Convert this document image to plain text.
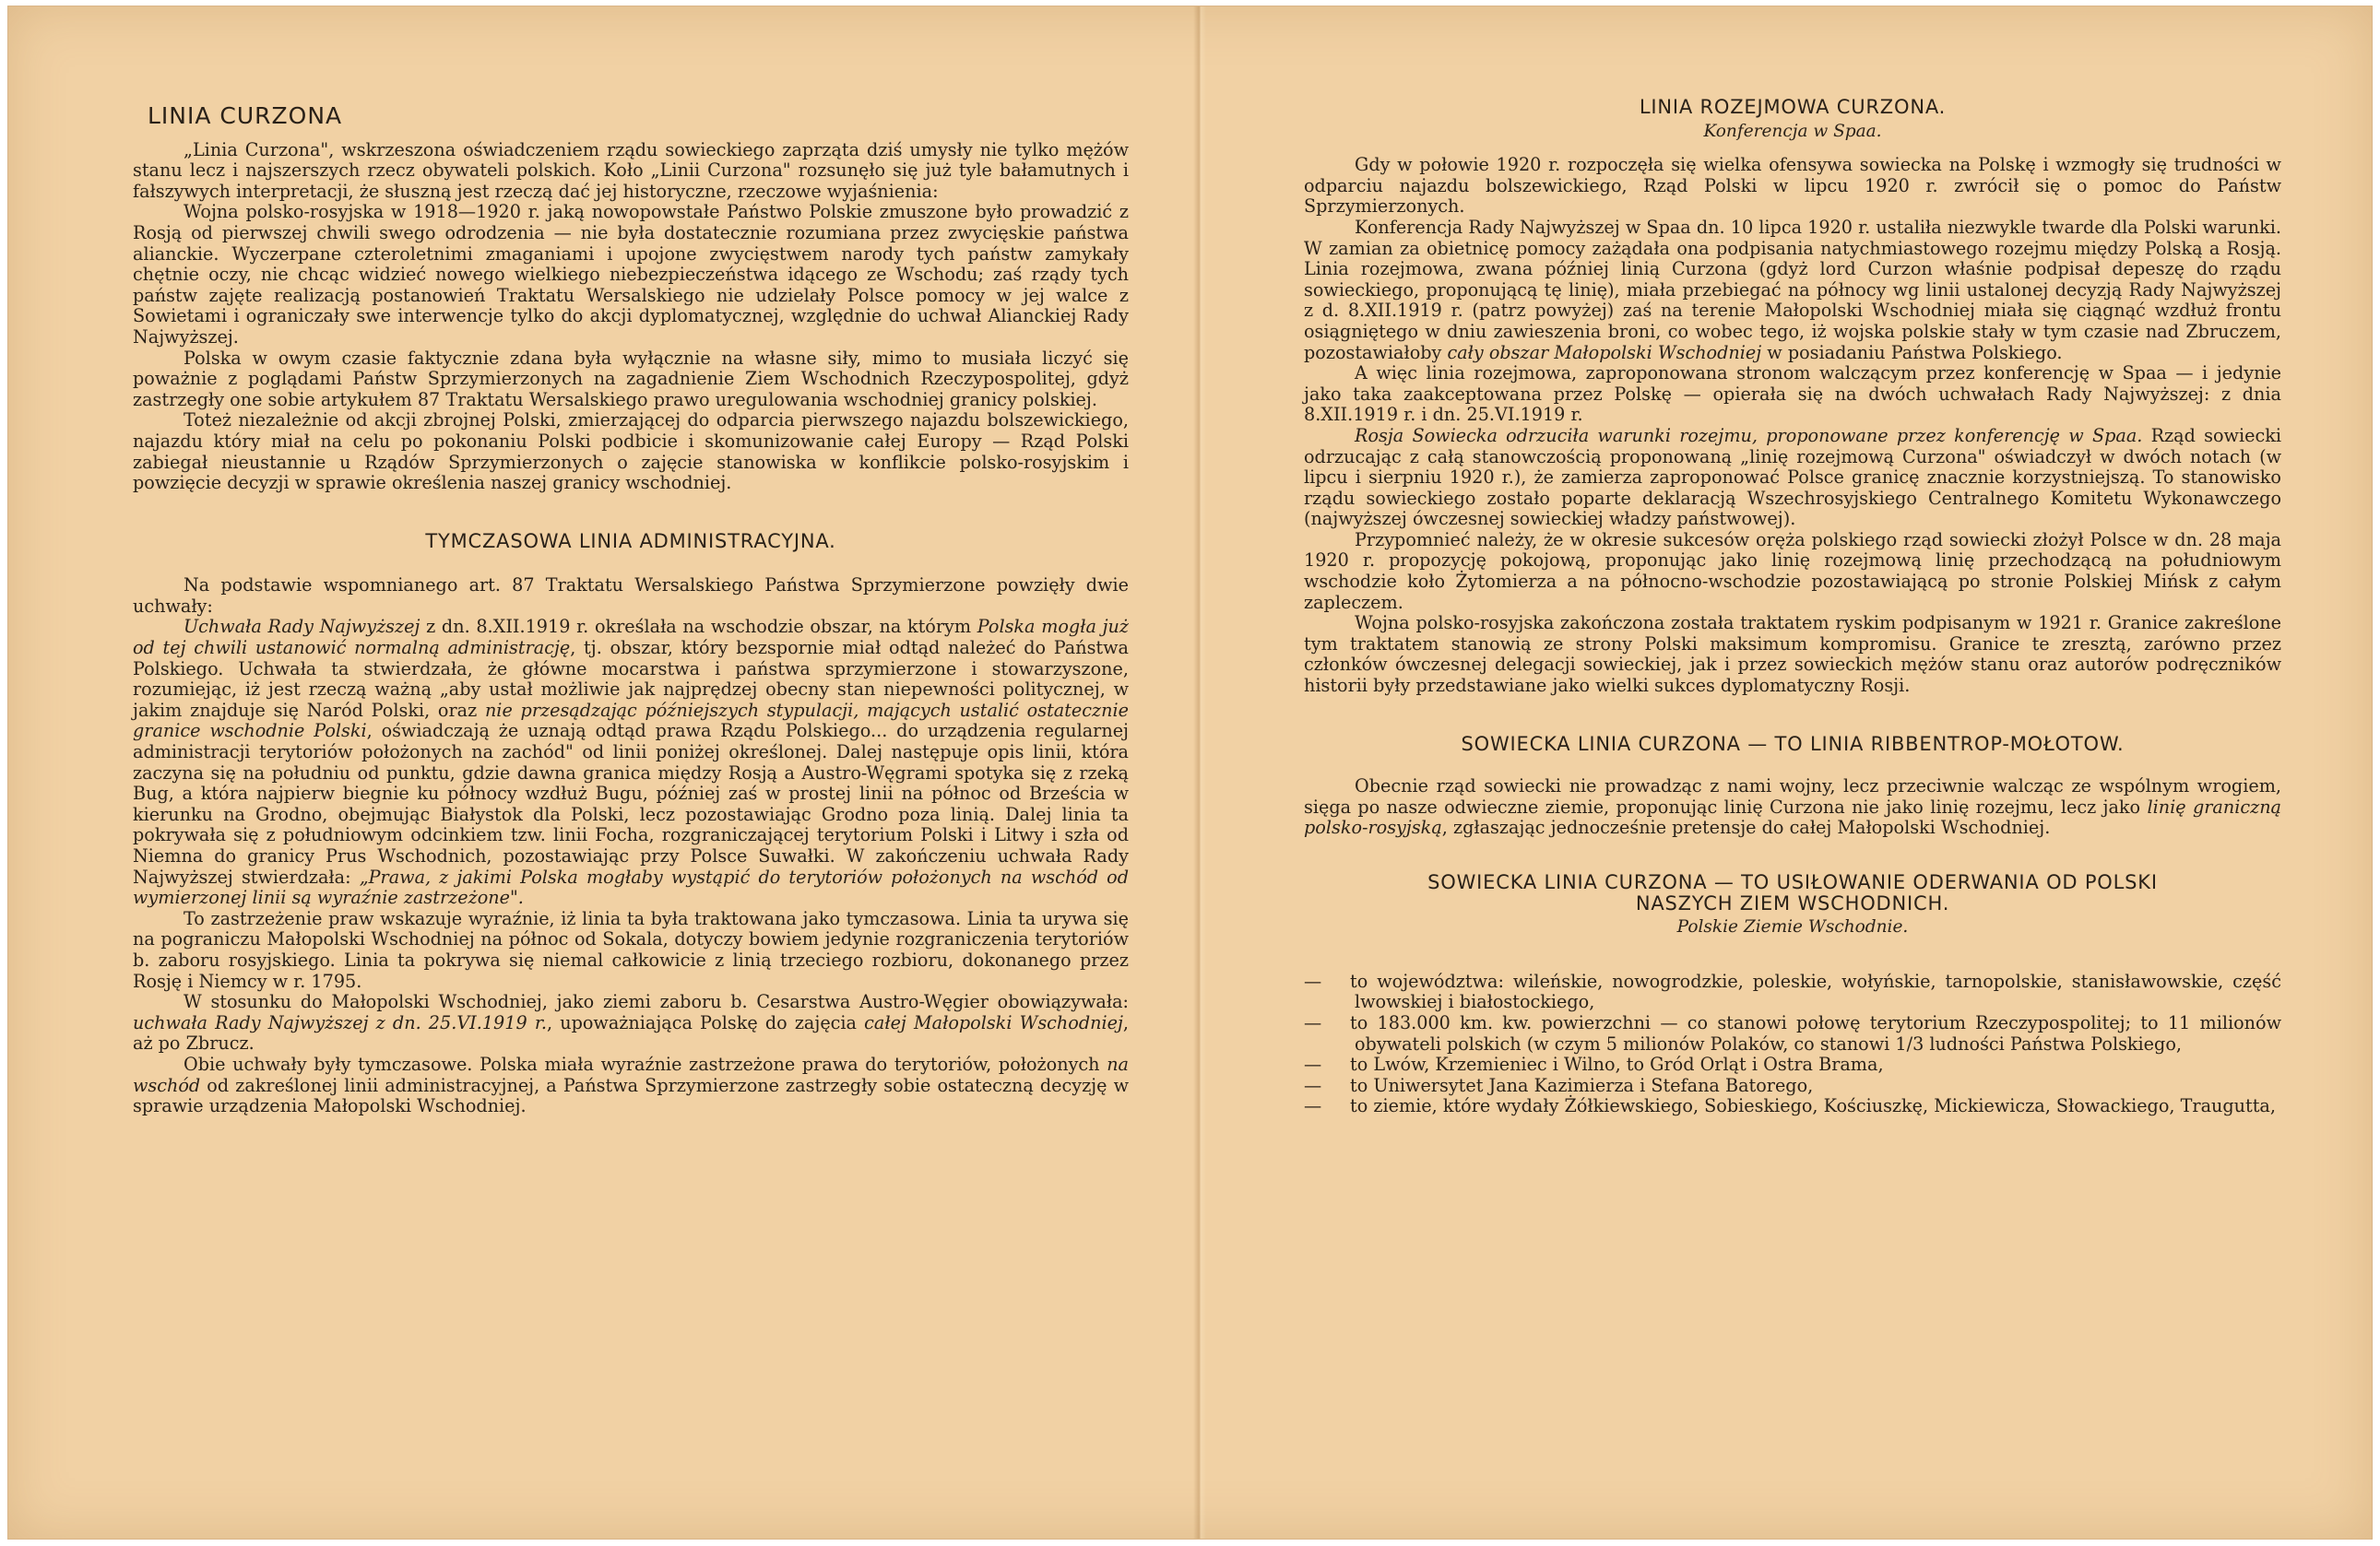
LINIA CURZONA

„Linia Curzona", wskrzeszona oświadczeniem rządu sowieckiego zaprząta dziś umysły nie tylko mężów stanu lecz i najszerszych rzecz obywateli polskich. Koło „Linii Curzona" rozsunęło się już tyle bałamutnych i fałszywych interpretacji, że słuszną jest rzeczą dać jej historyczne, rzeczowe wyjaśnienia:

Wojna polsko-rosyjska w 1918—1920 r. jaką nowopowstałe Państwo Polskie zmuszone było prowadzić z Rosją od pierwszej chwili swego odrodzenia — nie była dostatecznie rozumiana przez zwycięskie państwa alianckie. Wyczerpane czteroletnimi zmaganiami i upojone zwycięstwem narody tych państw zamykały chętnie oczy, nie chcąc widzieć nowego wielkiego niebezpieczeństwa idącego ze Wschodu; zaś rządy tych państw zajęte realizacją postanowień Traktatu Wersalskiego nie udzielały Polsce pomocy w jej walce z Sowietami i ograniczały swe interwencje tylko do akcji dyplomatycznej, względnie do uchwał Alianckiej Rady Najwyższej.

Polska w owym czasie faktycznie zdana była wyłącznie na własne siły, mimo to musiała liczyć się poważnie z poglądami Państw Sprzymierzonych na zagadnienie Ziem Wschodnich Rzeczypospolitej, gdyż zastrzegły one sobie artykułem 87 Traktatu Wersalskiego prawo uregulowania wschodniej granicy polskiej.

Toteż niezależnie od akcji zbrojnej Polski, zmierzającej do odparcia pierwszego najazdu bolszewickiego, najazdu który miał na celu po pokonaniu Polski podbicie i skomunizowanie całej Europy — Rząd Polski zabiegał nieustannie u Rządów Sprzymierzonych o zajęcie stanowiska w konflikcie polsko-rosyjskim i powzięcie decyzji w sprawie określenia naszej granicy wschodniej.

TYMCZASOWA LINIA ADMINISTRACYJNA.

Na podstawie wspomnianego art. 87 Traktatu Wersalskiego Państwa Sprzymierzone powzięły dwie uchwały:

Uchwała Rady Najwyższej z dn. 8.XII.1919 r. określała na wschodzie obszar, na którym Polska mogła już od tej chwili ustanowić normalną administrację, tj. obszar, który bezspornie miał odtąd należeć do Państwa Polskiego. Uchwała ta stwierdzała, że główne mocarstwa i państwa sprzymierzone i stowarzyszone, rozumiejąc, iż jest rzeczą ważną „aby ustał możliwie jak najprędzej obecny stan niepewności politycznej, w jakim znajduje się Naród Polski, oraz nie przesądzając późniejszych stypulacji, mających ustalić ostatecznie granice wschodnie Polski, oświadczają że uznają odtąd prawa Rządu Polskiego... do urządzenia regularnej administracji terytoriów położonych na zachód" od linii poniżej określonej. Dalej następuje opis linii, która zaczyna się na południu od punktu, gdzie dawna granica między Rosją a Austro-Węgrami spotyka się z rzeką Bug, a która najpierw biegnie ku północy wzdłuż Bugu, później zaś w prostej linii na północ od Brześcia w kierunku na Grodno, obejmując Białystok dla Polski, lecz pozostawiając Grodno poza linią. Dalej linia ta pokrywała się z południowym odcinkiem tzw. linii Focha, rozgraniczającej terytorium Polski i Litwy i szła od Niemna do granicy Prus Wschodnich, pozostawiając przy Polsce Suwałki. W zakończeniu uchwała Rady Najwyższej stwierdzała: „Prawa, z jakimi Polska mogłaby wystąpić do terytoriów położonych na wschód od wymierzonej linii są wyraźnie zastrzeżone".

To zastrzeżenie praw wskazuje wyraźnie, iż linia ta była traktowana jako tymczasowa. Linia ta urywa się na pograniczu Małopolski Wschodniej na północ od Sokala, dotyczy bowiem jedynie rozgraniczenia terytoriów b. zaboru rosyjskiego. Linia ta pokrywa się niemal całkowicie z linią trzeciego rozbioru, dokonanego przez Rosję i Niemcy w r. 1795.

W stosunku do Małopolski Wschodniej, jako ziemi zaboru b. Cesarstwa Austro-Węgier obowiązywała: uchwała Rady Najwyższej z dn. 25.VI.1919 r., upoważniająca Polskę do zajęcia całej Małopolski Wschodniej, aż po Zbrucz.

Obie uchwały były tymczasowe. Polska miała wyraźnie zastrzeżone prawa do terytoriów, położonych na wschód od zakreślonej linii administracyjnej, a Państwa Sprzymierzone zastrzegły sobie ostateczną decyzję w sprawie urządzenia Małopolski Wschodniej.

LINIA ROZEJMOWA CURZONA.
Konferencja w Spaa.

Gdy w połowie 1920 r. rozpoczęła się wielka ofensywa sowiecka na Polskę i wzmogły się trudności w odparciu najazdu bolszewickiego, Rząd Polski w lipcu 1920 r. zwrócił się o pomoc do Państw Sprzymierzonych.

Konferencja Rady Najwyższej w Spaa dn. 10 lipca 1920 r. ustaliła niezwykle twarde dla Polski warunki. W zamian za obietnicę pomocy zażądała ona podpisania natychmiastowego rozejmu między Polską a Rosją. Linia rozejmowa, zwana później linią Curzona (gdyż lord Curzon właśnie podpisał depeszę do rządu sowieckiego, proponującą tę linię), miała przebiegać na północy wg linii ustalonej decyzją Rady Najwyższej z d. 8.XII.1919 r. (patrz powyżej) zaś na terenie Małopolski Wschodniej miała się ciągnąć wzdłuż frontu osiągniętego w dniu zawieszenia broni, co wobec tego, iż wojska polskie stały w tym czasie nad Zbruczem, pozostawiałoby cały obszar Małopolski Wschodniej w posiadaniu Państwa Polskiego.

A więc linia rozejmowa, zaproponowana stronom walczącym przez konferencję w Spaa — i jedynie jako taka zaakceptowana przez Polskę — opierała się na dwóch uchwałach Rady Najwyższej: z dnia 8.XII.1919 r. i dn. 25.VI.1919 r.

Rosja Sowiecka odrzuciła warunki rozejmu, proponowane przez konferencję w Spaa. Rząd sowiecki odrzucając z całą stanowczością proponowaną „linię rozejmową Curzona" oświadczył w dwóch notach (w lipcu i sierpniu 1920 r.), że zamierza zaproponować Polsce granicę znacznie korzystniejszą. To stanowisko rządu sowieckiego zostało poparte deklaracją Wszechrosyjskiego Centralnego Komitetu Wykonawczego (najwyższej ówczesnej sowieckiej władzy państwowej).

Przypomnieć należy, że w okresie sukcesów oręża polskiego rząd sowiecki złożył Polsce w dn. 28 maja 1920 r. propozycję pokojową, proponując jako linię rozejmową linię przechodzącą na południowym wschodzie koło Żytomierza a na północno-wschodzie pozostawiającą po stronie Polskiej Mińsk z całym zapleczem.

Wojna polsko-rosyjska zakończona została traktatem ryskim podpisanym w 1921 r. Granice zakreślone tym traktatem stanowią ze strony Polski maksimum kompromisu. Granice te zresztą, zarówno przez członków ówczesnej delegacji sowieckiej, jak i przez sowieckich mężów stanu oraz autorów podręczników historii były przedstawiane jako wielki sukces dyplomatyczny Rosji.

SOWIECKA LINIA CURZONA — TO LINIA RIBBENTROP-MOŁOTOW.

Obecnie rząd sowiecki nie prowadząc z nami wojny, lecz przeciwnie walcząc ze wspólnym wrogiem, sięga po nasze odwieczne ziemie, proponując linię Curzona nie jako linię rozejmu, lecz jako linię graniczną polsko-rosyjską, zgłaszając jednocześnie pretensje do całej Małopolski Wschodniej.

SOWIECKA LINIA CURZONA — TO USIŁOWANIE ODERWANIA OD POLSKI
NASZYCH ZIEM WSCHODNICH.
Polskie Ziemie Wschodnie.
— to województwa: wileńskie, nowogrodzkie, poleskie, wołyńskie, tarnopolskie, stanisławowskie, część lwowskiej i białostockiego,
— to 183.000 km. kw. powierzchni — co stanowi połowę terytorium Rzeczypospolitej; to 11 milionów obywateli polskich (w czym 5 milionów Polaków, co stanowi 1/3 ludności Państwa Polskiego,
— to Lwów, Krzemieniec i Wilno, to Gród Orląt i Ostra Brama,
— to Uniwersytet Jana Kazimierza i Stefana Batorego,
— to ziemie, które wydały Żółkiewskiego, Sobieskiego, Kościuszkę, Mickiewicza, Słowackiego, Traugutta,
